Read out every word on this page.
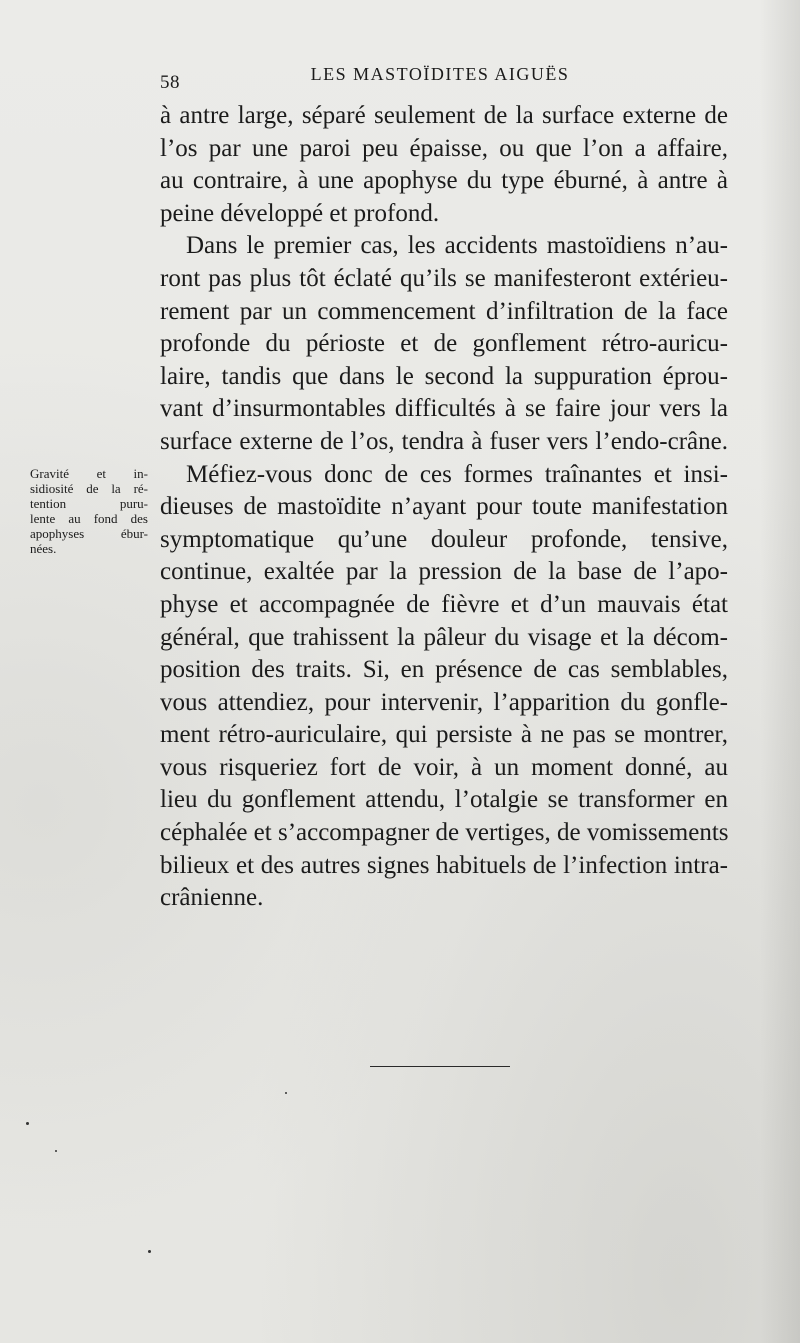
58	LES MASTOÏDITES AIGUËS
Gravité et in-
sidiosité de la ré-
tention puru-
lente au fond des
apophyses ébur-
nées.
à antre large, séparé seulement de la surface externe de
l’os par une paroi peu épaisse, ou que l’on a affaire,
au contraire, à une apophyse du type éburné, à antre à
peine développé et profond.
Dans le premier cas, les accidents mastoïdiens n’au-
ront pas plus tôt éclaté qu’ils se manifesteront extérieu-
rement par un commencement d’infiltration de la face
profonde du périoste et de gonflement rétro-auricu-
laire, tandis que dans le second la suppuration éprou-
vant d’insurmontables difficultés à se faire jour vers la
surface externe de l’os, tendra à fuser vers l’endo-crâne.
Méfiez-vous donc de ces formes traînantes et insi-
dieuses de mastoïdite n’ayant pour toute manifestation
symptomatique qu’une douleur profonde, tensive,
continue, exaltée par la pression de la base de l’apo-
physe et accompagnée de fièvre et d’un mauvais état
général, que trahissent la pâleur du visage et la décom-
position des traits. Si, en présence de cas semblables,
vous attendiez, pour intervenir, l’apparition du gonfle-
ment rétro-auriculaire, qui persiste à ne pas se montrer,
vous risqueriez fort de voir, à un moment donné, au
lieu du gonflement attendu, l’otalgie se transformer en
céphalée et s’accompagner de vertiges, de vomissements
bilieux et des autres signes habituels de l’infection intra-
crânienne.
